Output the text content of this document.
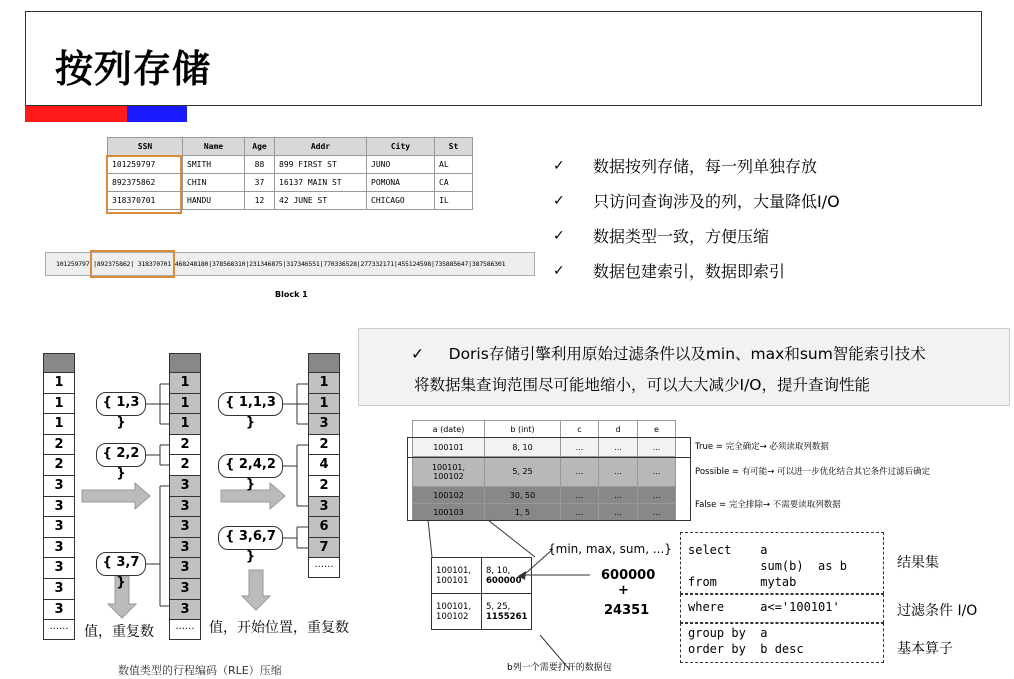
按列存储
SSN	Name	Age	Addr	City	St
101259797	SMITH	88	899 FIRST ST	JUNO	AL
892375862	CHIN	37	16137 MAIN ST	POMONA	CA
318370701	HANDU	12	42 JUNE ST	CHICAGO	IL
101259797 |892375862| 318370701 468248180|378568310|231346875|317346551|770336528|277332171|455124598|735885647|387586301
Block 1
✓	数据按列存储，每一列单独存放
✓	只访问查询涉及的列，大量降低I/O
✓	数据类型一致，方便压缩
✓	数据包建索引，数据即索引
✓ Doris存储引擎利用原始过滤条件以及min、max和sum智能索引技术
将数据集查询范围尽可能地缩小，可以大大减少I/O，提升查询性能
1
1
1
2
2
3
3
3
3
3
3
3
......
1
1
1
2
2
3
3
3
3
3
3
3
......
1
1
3
2
4
2
3
6
7
......
{ 1,3 }
{ 2,2 }
{ 3,7 }
{ 1,1,3 }
{ 2,4,2 }
{ 3,6,7 }
值，重复数	值，开始位置，重复数
数值类型的行程编码（RLE）压缩
a (date)	b (int)	c	d	e
100101	8, 10	...	...	...
100101,
100102	5, 25	...	...	...
100102	30, 50	...	...	...
100103	1, 5	...	...	...
True = 完全确定→ 必须读取列数据
Possible = 有可能→ 可以进一步优化结合其它条件过滤后确定
False = 完全排除→ 不需要读取列数据
{min, max, sum, ...}
100101,
100101	8, 10,
600000
100101,
100102	5, 25,
1155261
600000
+
24351
b列一个需要打开的数据包
select    a
sum(b)  as b
from      mytab
where     a<='100101'
group by  a
order by  b desc
结果集
过滤条件 I/O
基本算子
